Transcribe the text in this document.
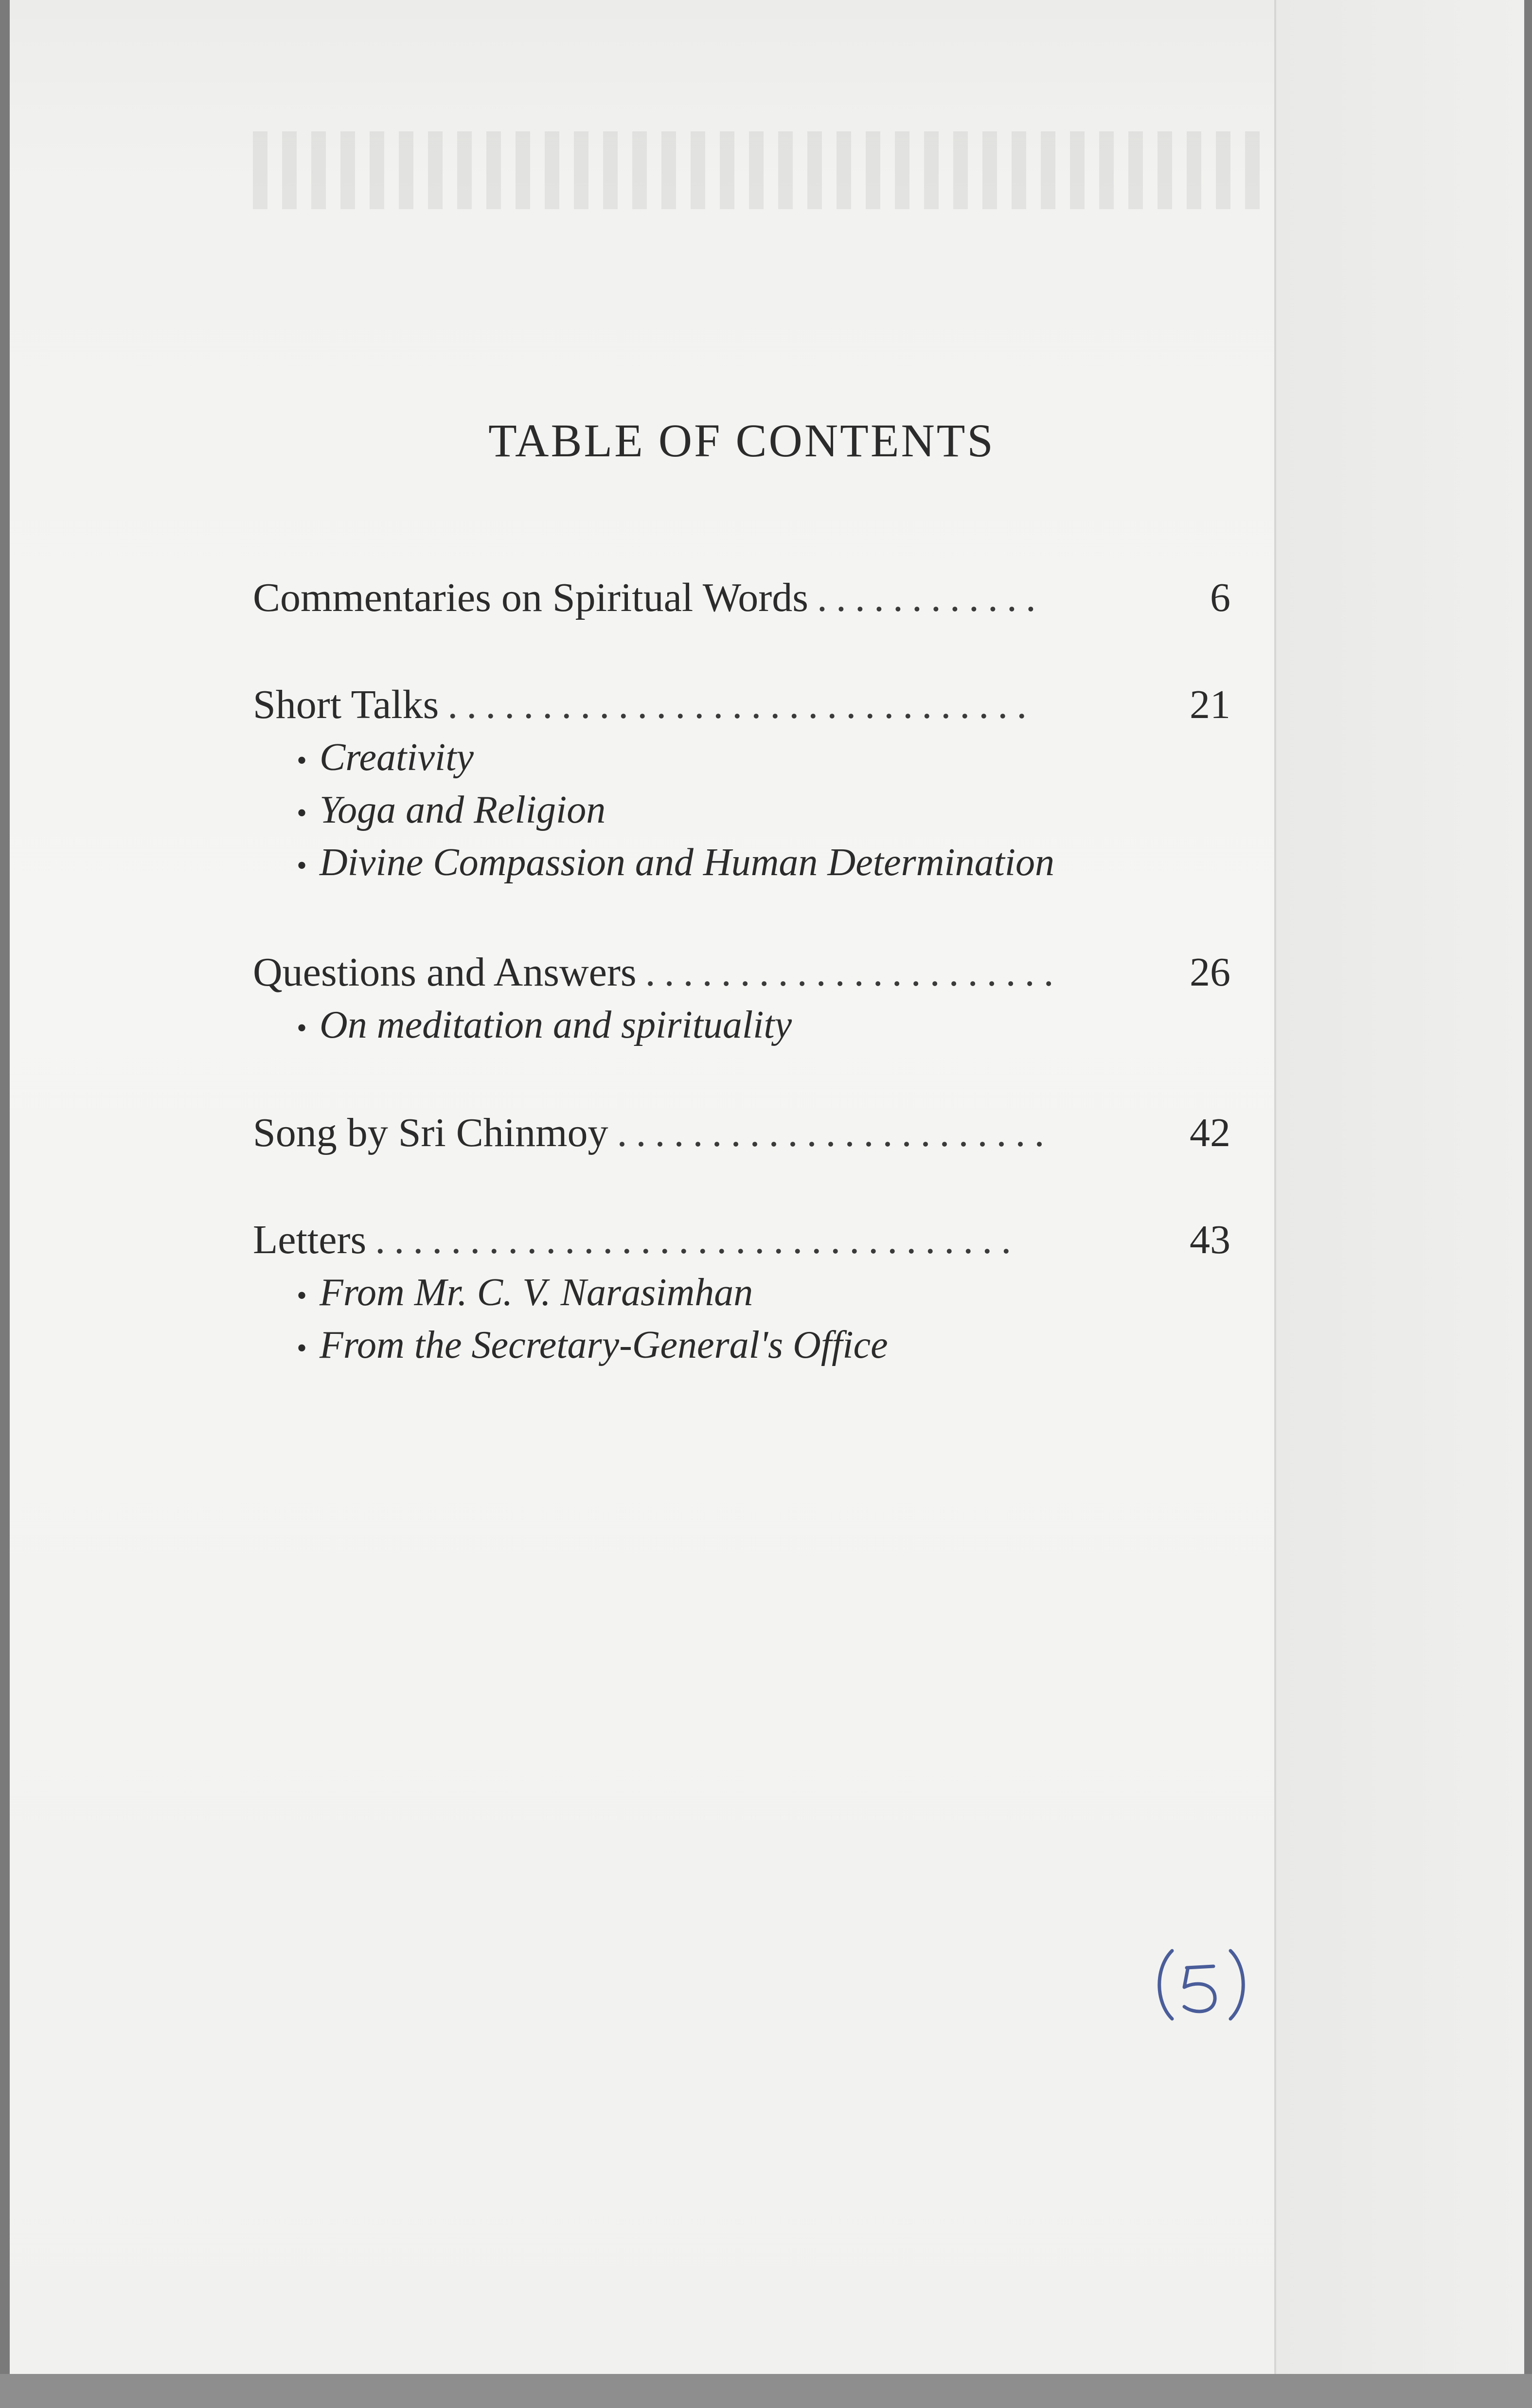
TABLE OF CONTENTS
Commentaries on Spiritual Words ............	6
Short Talks ...............................	21
• Creativity
• Yoga and Religion
• Divine Compassion and Human Determination
Questions and Answers ......................	26
• On meditation and spirituality
Song by Sri Chinmoy .......................	42
Letters ..................................	43
• From Mr. C. V. Narasimhan
• From the Secretary-General's Office
